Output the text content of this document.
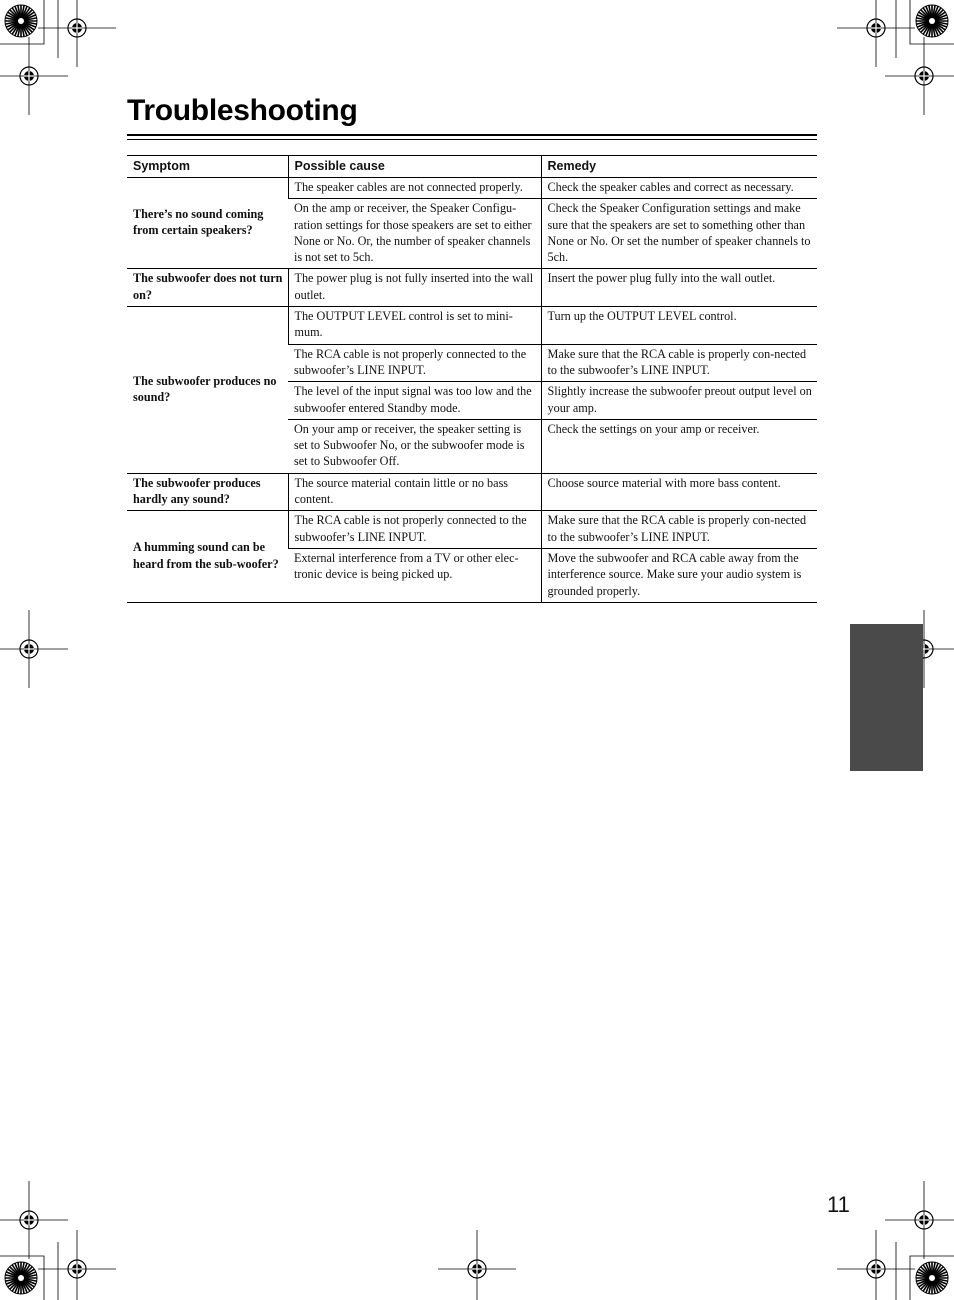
Troubleshooting
Symptom	Possible cause	Remedy
There’s no sound coming from certain speakers?	The speaker cables are not connected properly.	Check the speaker cables and correct as necessary.
	On the amp or receiver, the Speaker Configu-ration settings for those speakers are set to either None or No. Or, the number of speaker channels is not set to 5ch.	Check the Speaker Configuration settings and make sure that the speakers are set to something other than None or No. Or set the number of speaker channels to 5ch.
The subwoofer does not turn on?	The power plug is not fully inserted into the wall outlet.	Insert the power plug fully into the wall outlet.
The subwoofer produces no sound?	The OUTPUT LEVEL control is set to mini-mum.	Turn up the OUTPUT LEVEL control.
	The RCA cable is not properly connected to the subwoofer’s LINE INPUT.	Make sure that the RCA cable is properly con-nected to the subwoofer’s LINE INPUT.
	The level of the input signal was too low and the subwoofer entered Standby mode.	Slightly increase the subwoofer preout output level on your amp.
	On your amp or receiver, the speaker setting is set to Subwoofer No, or the subwoofer mode is set to Subwoofer Off.	Check the settings on your amp or receiver.
The subwoofer produces hardly any sound?	The source material contain little or no bass content.	Choose source material with more bass content.
A humming sound can be heard from the sub-woofer?	The RCA cable is not properly connected to the subwoofer’s LINE INPUT.	Make sure that the RCA cable is properly con-nected to the subwoofer’s LINE INPUT.
	External interference from a TV or other elec-tronic device is being picked up.	Move the subwoofer and RCA cable away from the interference source. Make sure your audio system is grounded properly.
11
